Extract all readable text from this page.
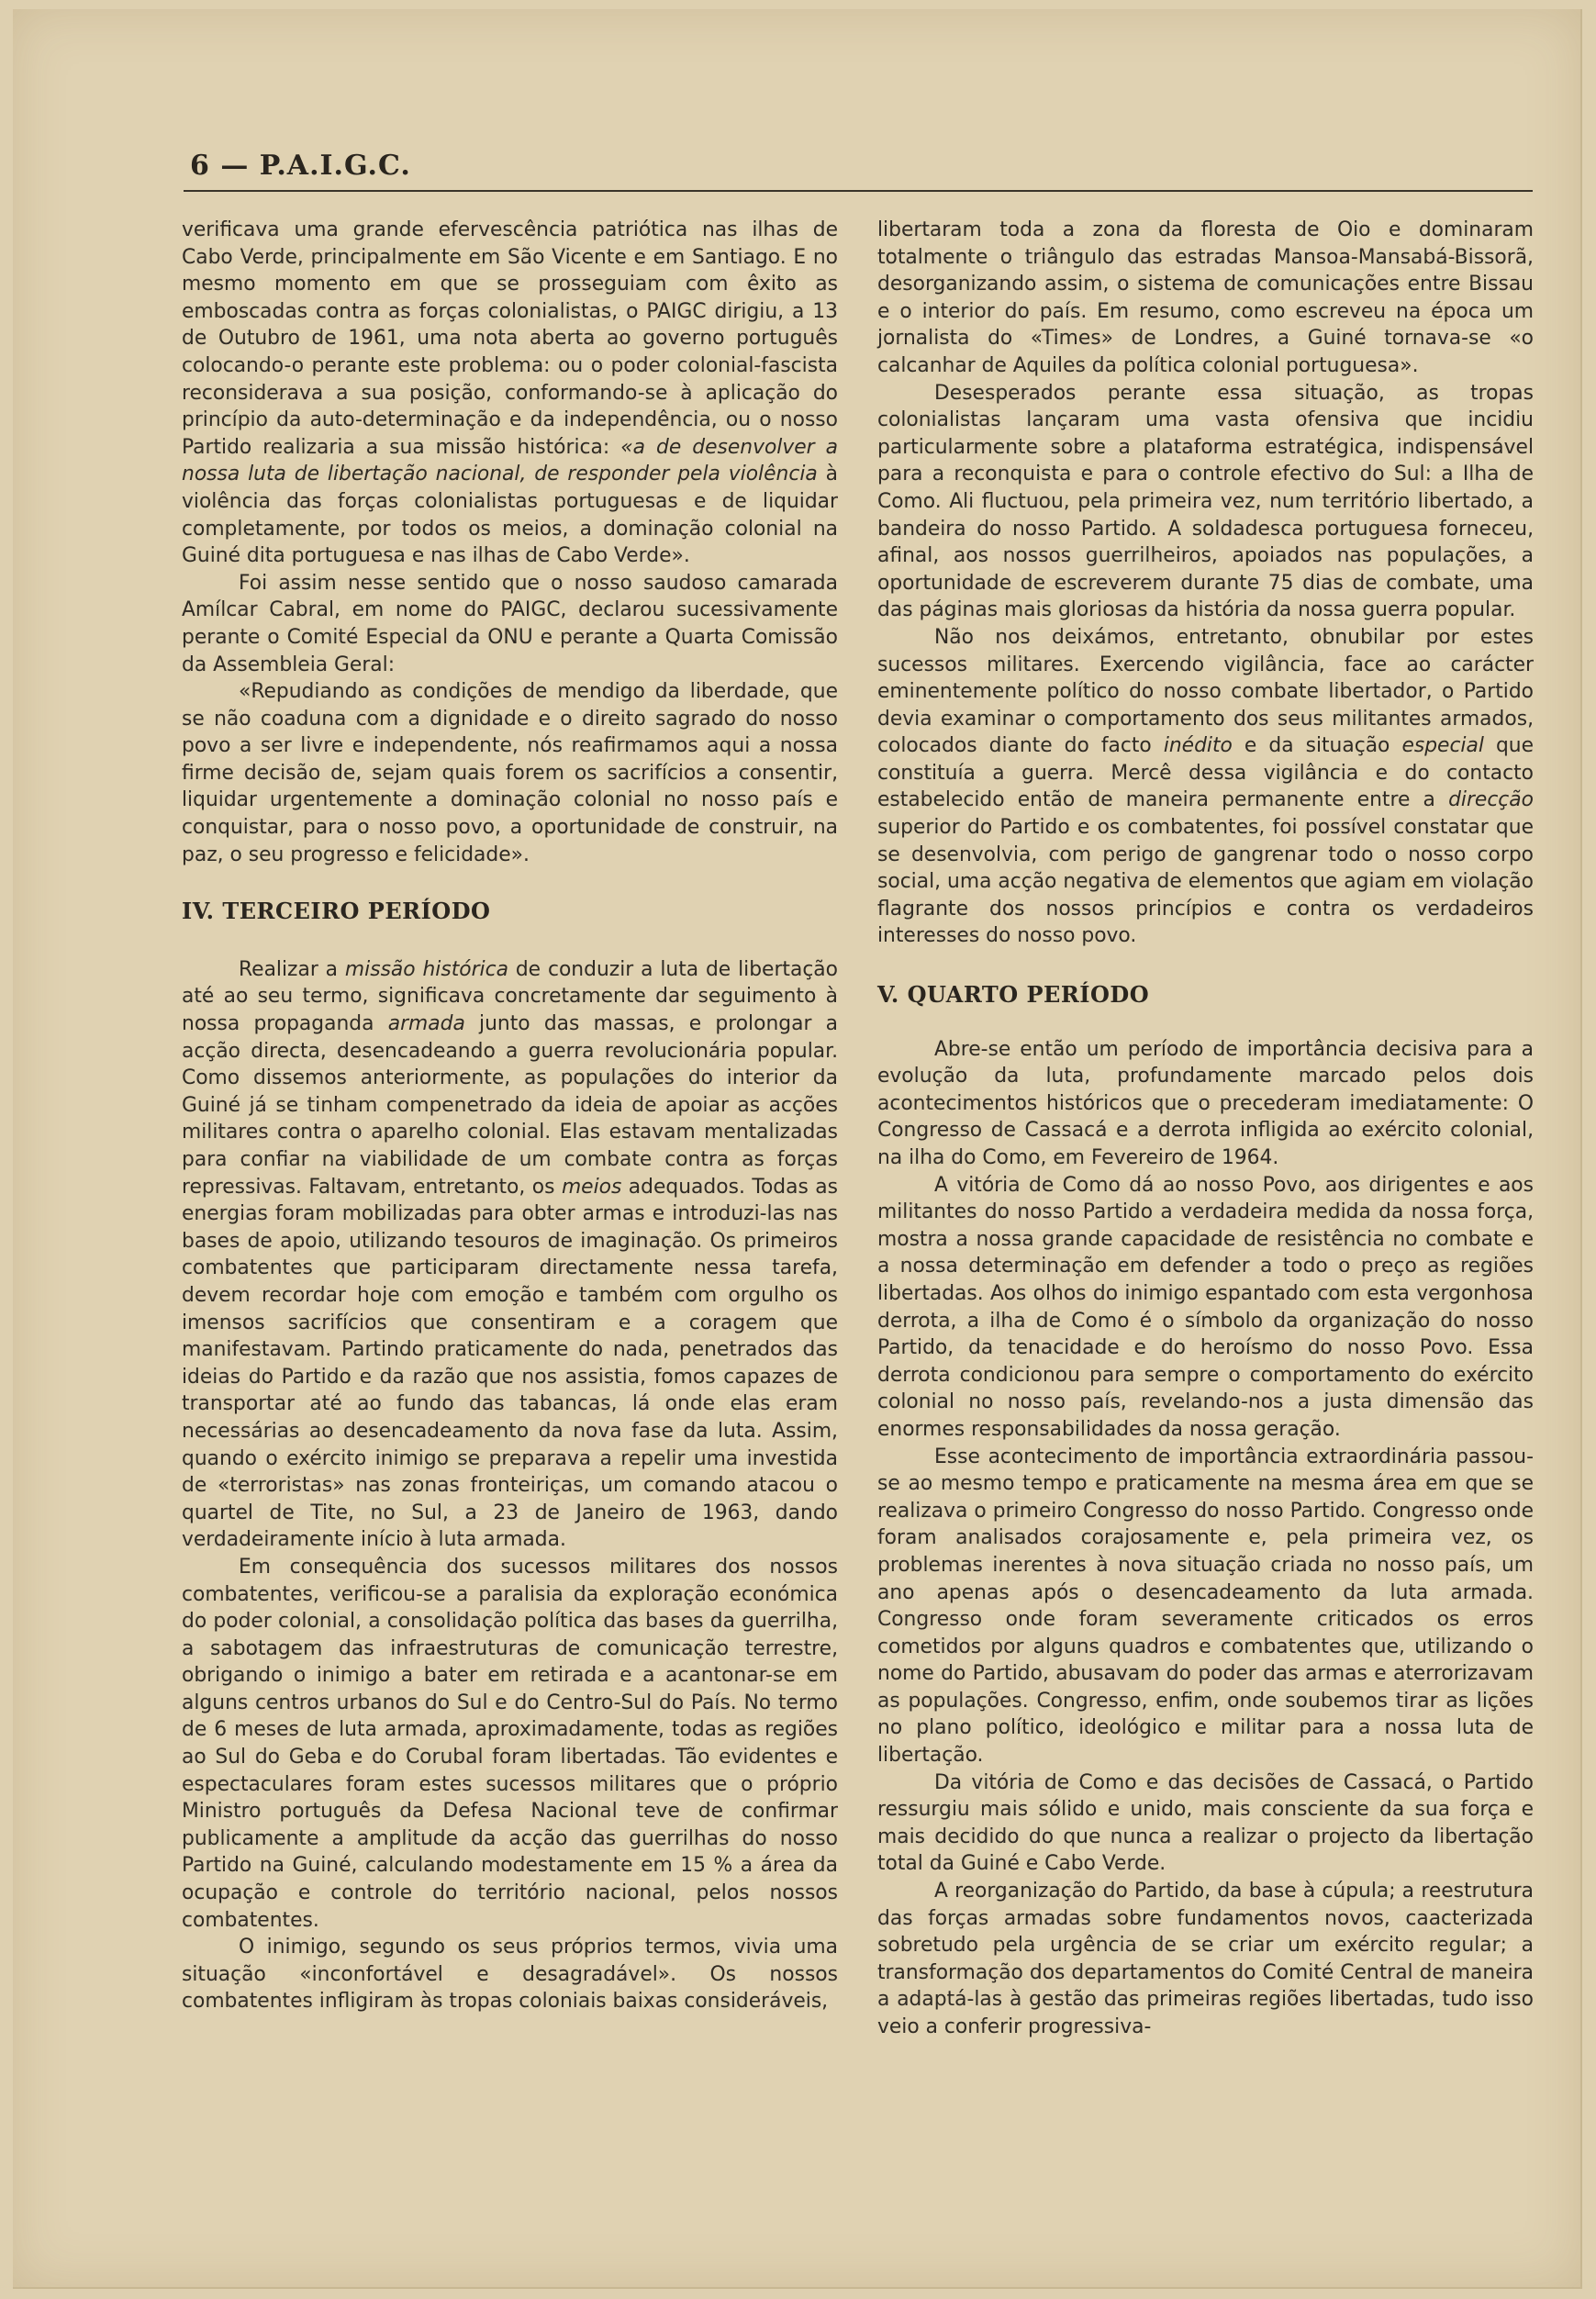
6 — P.A.I.G.C.

verificava uma grande efervescência patriótica nas ilhas de Cabo Verde, principalmente em São Vicente e em Santiago. E no mesmo momento em que se prosseguiam com êxito as emboscadas contra as forças colonialistas, o PAIGC dirigiu, a 13 de Outubro de 1961, uma nota aberta ao governo português colocando-o perante este problema: ou o poder colonial-fascista reconsiderava a sua posição, conformando-se à aplicação do princípio da auto-determinação e da independência, ou o nosso Partido realizaria a sua missão histórica: «a de desenvolver a nossa luta de libertação nacional, de responder pela violência à violência das forças colonialistas portuguesas e de liquidar completamente, por todos os meios, a dominação colonial na Guiné dita portuguesa e nas ilhas de Cabo Verde».

Foi assim nesse sentido que o nosso saudoso camarada Amílcar Cabral, em nome do PAIGC, declarou sucessivamente perante o Comité Especial da ONU e perante a Quarta Comissão da Assembleia Geral:

«Repudiando as condições de mendigo da liberdade, que se não coaduna com a dignidade e o direito sagrado do nosso povo a ser livre e independente, nós reafirmamos aqui a nossa firme decisão de, sejam quais forem os sacrifícios a consentir, liquidar urgentemente a dominação colonial no nosso país e conquistar, para o nosso povo, a oportunidade de construir, na paz, o seu progresso e felicidade».

IV. TERCEIRO PERÍODO

Realizar a missão histórica de conduzir a luta de libertação até ao seu termo, significava concretamente dar seguimento à nossa propaganda armada junto das massas, e prolongar a acção directa, desencadeando a guerra revolucionária popular. Como dissemos anteriormente, as populações do interior da Guiné já se tinham compenetrado da ideia de apoiar as acções militares contra o aparelho colonial. Elas estavam mentalizadas para confiar na viabilidade de um combate contra as forças repressivas. Faltavam, entretanto, os meios adequados. Todas as energias foram mobilizadas para obter armas e introduzi-las nas bases de apoio, utilizando tesouros de imaginação. Os primeiros combatentes que participaram directamente nessa tarefa, devem recordar hoje com emoção e também com orgulho os imensos sacrifícios que consentiram e a coragem que manifestavam. Partindo praticamente do nada, penetrados das ideias do Partido e da razão que nos assistia, fomos capazes de transportar até ao fundo das tabancas, lá onde elas eram necessárias ao desencadeamento da nova fase da luta. Assim, quando o exército inimigo se preparava a repelir uma investida de «terroristas» nas zonas fronteiriças, um comando atacou o quartel de Tite, no Sul, a 23 de Janeiro de 1963, dando verdadeiramente início à luta armada.

Em consequência dos sucessos militares dos nossos combatentes, verificou-se a paralisia da exploração económica do poder colonial, a consolidação política das bases da guerrilha, a sabotagem das infraestruturas de comunicação terrestre, obrigando o inimigo a bater em retirada e a acantonar-se em alguns centros urbanos do Sul e do Centro-Sul do País. No termo de 6 meses de luta armada, aproximadamente, todas as regiões ao Sul do Geba e do Corubal foram libertadas. Tão evidentes e espectaculares foram estes sucessos militares que o próprio Ministro português da Defesa Nacional teve de confirmar publicamente a amplitude da acção das guerrilhas do nosso Partido na Guiné, calculando modestamente em 15 % a área da ocupação e controle do território nacional, pelos nossos combatentes.

O inimigo, segundo os seus próprios termos, vivia uma situação «inconfortável e desagradável». Os nossos combatentes infligiram às tropas coloniais baixas consideráveis,

libertaram toda a zona da floresta de Oio e dominaram totalmente o triângulo das estradas Mansoa-Mansabá-Bissorã, desorganizando assim, o sistema de comunicações entre Bissau e o interior do país. Em resumo, como escreveu na época um jornalista do «Times» de Londres, a Guiné tornava-se «o calcanhar de Aquiles da política colonial portuguesa».

Desesperados perante essa situação, as tropas colonialistas lançaram uma vasta ofensiva que incidiu particularmente sobre a plataforma estratégica, indispensável para a reconquista e para o controle efectivo do Sul: a Ilha de Como. Ali fluctuou, pela primeira vez, num território libertado, a bandeira do nosso Partido. A soldadesca portuguesa forneceu, afinal, aos nossos guerrilheiros, apoiados nas populações, a oportunidade de escreverem durante 75 dias de combate, uma das páginas mais gloriosas da história da nossa guerra popular.

Não nos deixámos, entretanto, obnubilar por estes sucessos militares. Exercendo vigilância, face ao carácter eminentemente político do nosso combate libertador, o Partido devia examinar o comportamento dos seus militantes armados, colocados diante do facto inédito e da situação especial que constituía a guerra. Mercê dessa vigilância e do contacto estabelecido então de maneira permanente entre a direcção superior do Partido e os combatentes, foi possível constatar que se desenvolvia, com perigo de gangrenar todo o nosso corpo social, uma acção negativa de elementos que agiam em violação flagrante dos nossos princípios e contra os verdadeiros interesses do nosso povo.

V. QUARTO PERÍODO

Abre-se então um período de importância decisiva para a evolução da luta, profundamente marcado pelos dois acontecimentos históricos que o precederam imediatamente: O Congresso de Cassacá e a derrota infligida ao exército colonial, na ilha do Como, em Fevereiro de 1964.

A vitória de Como dá ao nosso Povo, aos dirigentes e aos militantes do nosso Partido a verdadeira medida da nossa força, mostra a nossa grande capacidade de resistência no combate e a nossa determinação em defender a todo o preço as regiões libertadas. Aos olhos do inimigo espantado com esta vergonhosa derrota, a ilha de Como é o símbolo da organização do nosso Partido, da tenacidade e do heroísmo do nosso Povo. Essa derrota condicionou para sempre o comportamento do exército colonial no nosso país, revelando-nos a justa dimensão das enormes responsabilidades da nossa geração.

Esse acontecimento de importância extraordinária passou-se ao mesmo tempo e praticamente na mesma área em que se realizava o primeiro Congresso do nosso Partido. Congresso onde foram analisados corajosamente e, pela primeira vez, os problemas inerentes à nova situação criada no nosso país, um ano apenas após o desencadeamento da luta armada. Congresso onde foram severamente criticados os erros cometidos por alguns quadros e combatentes que, utilizando o nome do Partido, abusavam do poder das armas e aterrorizavam as populações. Congresso, enfim, onde soubemos tirar as lições no plano político, ideológico e militar para a nossa luta de libertação.

Da vitória de Como e das decisões de Cassacá, o Partido ressurgiu mais sólido e unido, mais consciente da sua força e mais decidido do que nunca a realizar o projecto da libertação total da Guiné e Cabo Verde.

A reorganização do Partido, da base à cúpula; a reestrutura das forças armadas sobre fundamentos novos, caacterizada sobretudo pela urgência de se criar um exército regular; a transformação dos departamentos do Comité Central de maneira a adaptá-las à gestão das primeiras regiões libertadas, tudo isso veio a conferir progressiva-
